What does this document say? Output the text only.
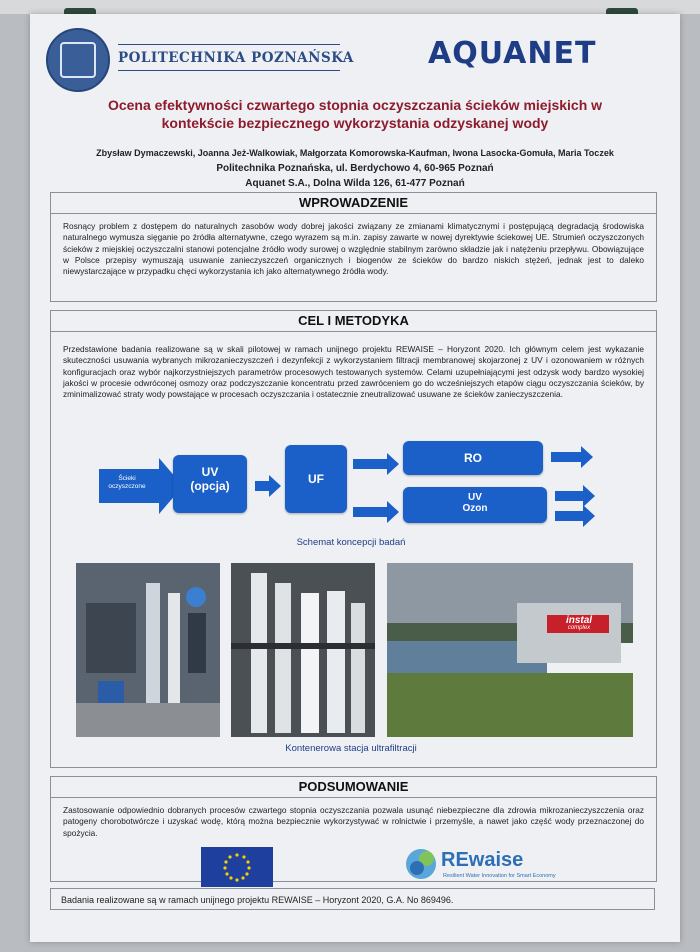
POLITECHNIKA POZNAŃSKA AQUANET
Ocena efektywności czwartego stopnia oczyszczania ścieków miejskich w
kontekście bezpiecznego wykorzystania odzyskanej wody
Zbysław Dymaczewski, Joanna Jeż-Walkowiak, Małgorzata Komorowska-Kaufman, Iwona Lasocka-Gomuła, Maria Toczek
Politechnika Poznańska, ul. Berdychowo 4, 60-965 Poznań
Aquanet S.A., Dolna Wilda 126, 61-477 Poznań
WPROWADZENIE
Rosnący problem z dostępem do naturalnych zasobów wody dobrej jakości związany ze zmianami klimatycznymi i postępującą degradacją środowiska naturalnego wymusza sięganie po źródła alternatywne, czego wyrazem są m.in. zapisy zawarte w nowej dyrektywie ściekowej UE. Strumień oczyszczonych ścieków z miejskiej oczyszczalni stanowi potencjalne źródło wody surowej o względnie stabilnym zarówno składzie jak i natężeniu przepływu. Obowiązujące w Polsce przepisy wymuszają usuwanie zanieczyszczeń organicznych i biogenów ze ścieków do bardzo niskich stężeń, jednak jest to daleko niewystarczające w przypadku chęci wykorzystania ich jako alternatywnego źródła wody.
CEL I METODYKA
Przedstawione badania realizowane są w skali pilotowej w ramach unijnego projektu REWAISE – Horyzont 2020. Ich głównym celem jest wykazanie skuteczności usuwania wybranych mikrozanieczyszczeń i dezynfekcji z wykorzystaniem filtracji membranowej skojarzonej z UV i ozonowaniem w różnych konfiguracjach oraz wybór najkorzystniejszych parametrów procesowych testowanych systemów. Celami uzupełniającymi jest odzysk wody bardzo wysokiej jakości w procesie odwróconej osmozy oraz podczyszczanie koncentratu przed zawróceniem go do wcześniejszych etapów ciągu oczyszczania ścieków, by zminimalizować straty wody powstające w procesach oczyszczania i ostatecznie zneutralizować usuwane ze ścieków zanieczyszczenia.
Ścieki oczyszczone
UV
(opcja)	UF
RO
UV
Ozon
Schemat koncepcji badań
instal
complex
Kontenerowa stacja ultrafiltracji
PODSUMOWANIE
Zastosowanie odpowiednio dobranych procesów czwartego stopnia oczyszczania pozwala usunąć niebezpieczne dla zdrowia mikrozanieczyszczenia oraz patogeny chorobotwórcze i uzyskać wodę, którą można bezpiecznie wykorzystywać w rolnictwie i przemyśle, a nawet jako część wody przeznaczonej do spożycia.
REwaise
Resilient Water Innovation for Smart Economy
Badania realizowane są w ramach unijnego projektu REWAISE – Horyzont 2020, G.A. No 869496.
